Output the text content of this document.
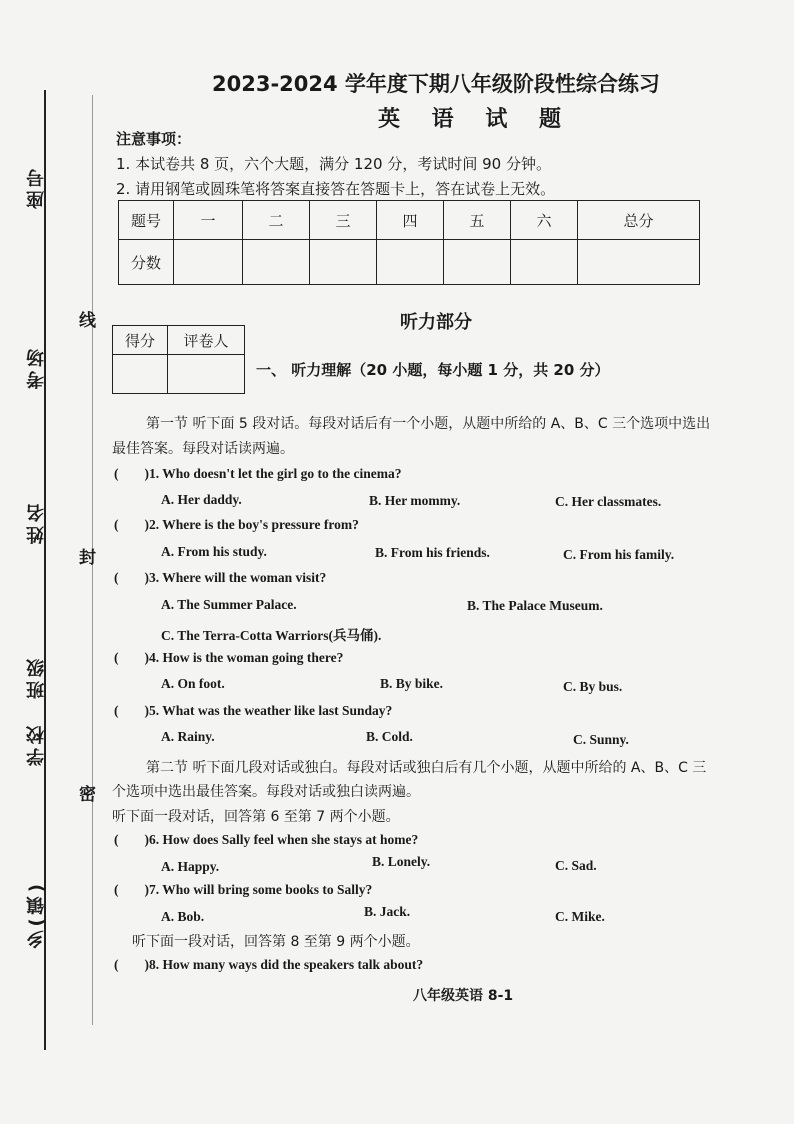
座号
考场
姓名
班级
学校
乡(镇)
线
封
密
2023-2024 学年度下期八年级阶段性综合练习
英 语 试 题
注意事项：
1. 本试卷共 8 页，六个大题，满分 120 分，考试时间 90 分钟。
2. 请用钢笔或圆珠笔将答案直接答在答题卡上，答在试卷上无效。
题号	一	二	三	四	五	六	总分
分数							
听力部分
得分	评卷人

一、 听力理解（20 小题，每小题 1 分，共 20 分）
第一节 听下面 5 段对话。每段对话后有一个小题，从题中所给的 A、B、C 三个选项中选出
最佳答案。每段对话读两遍。
( )1. Who doesn't let the girl go to the cinema?
A. Her daddy.	B. Her mommy.	C. Her classmates.
( )2. Where is the boy's pressure from?
A. From his study.	B. From his friends.	C. From his family.
( )3. Where will the woman visit?
A. The Summer Palace.	B. The Palace Museum.
C. The Terra-Cotta Warriors(兵马俑).
( )4. How is the woman going there?
A. On foot.	B. By bike.	C. By bus.
( )5. What was the weather like last Sunday?
A. Rainy.	B. Cold.	C. Sunny.
第二节 听下面几段对话或独白。每段对话或独白后有几个小题，从题中所给的 A、B、C 三
个选项中选出最佳答案。每段对话或独白读两遍。
听下面一段对话，回答第 6 至第 7 两个小题。
( )6. How does Sally feel when she stays at home?
A. Happy.	B. Lonely.	C. Sad.
( )7. Who will bring some books to Sally?
A. Bob.	B. Jack.	C. Mike.
听下面一段对话，回答第 8 至第 9 两个小题。
( )8. How many ways did the speakers talk about?
八年级英语 8-1
